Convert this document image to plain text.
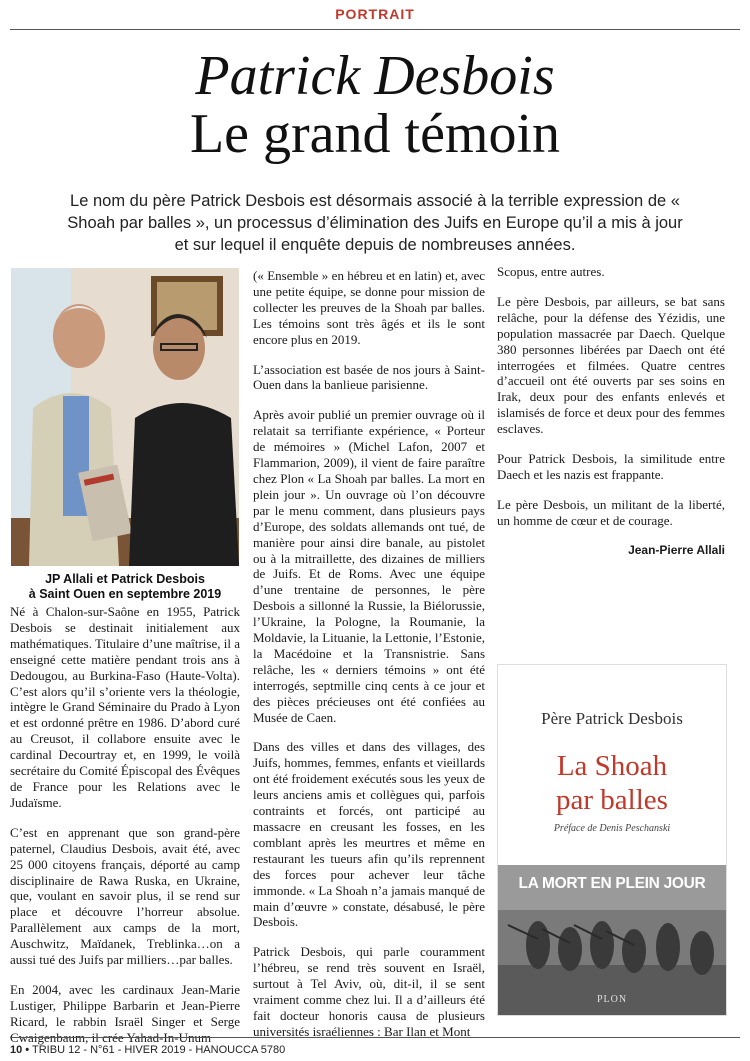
PORTRAIT
Patrick Desbois
Le grand témoin
Le nom du père Patrick Desbois est désormais associé à la terrible expression de « Shoah par balles », un processus d’élimination des Juifs en Europe qu’il a mis à jour et sur lequel il enquête depuis de nombreuses années.
JP Allali et Patrick Desbois
à Saint Ouen en septembre 2019

Né à Chalon-sur-Saône en 1955, Patrick Desbois se destinait initialement aux mathématiques. Titulaire d’une maîtrise, il a enseigné cette matière pendant trois ans à Dedougou, au Burkina-Faso (Haute-Volta). C’est alors qu’il s’oriente vers la théologie, intègre le Grand Séminaire du Prado à Lyon et est ordonné prêtre en 1986. D’abord curé au Creusot, il collabore ensuite avec le cardinal Decourtray et, en 1999, le voilà secrétaire du Comité Épiscopal des Évêques de France pour les Relations avec le Judaïsme.

C’est en apprenant que son grand-père paternel, Claudius Desbois, avait été, avec 25 000 citoyens français, déporté au camp disciplinaire de Rawa Ruska, en Ukraine, que, voulant en savoir plus, il se rend sur place et découvre l’horreur absolue. Parallèlement aux camps de la mort, Auschwitz, Maïdanek, Treblinka…on a aussi tué des Juifs par milliers…par balles.

En 2004, avec les cardinaux Jean-Marie Lustiger, Philippe Barbarin et Jean-Pierre Ricard, le rabbin Israël Singer et Serge Cwaigenbaum, il crée Yahad-In-Unum

(« Ensemble » en hébreu et en latin) et, avec une petite équipe, se donne pour mission de collecter les preuves de la Shoah par balles. Les témoins sont très âgés et ils le sont encore plus en 2019.

L’association est basée de nos jours à Saint-Ouen dans la banlieue parisienne.

Après avoir publié un premier ouvrage où il relatait sa terrifiante expérience, « Porteur de mémoires » (Michel Lafon, 2007 et Flammarion, 2009), il vient de faire paraître chez Plon « La Shoah par balles. La mort en plein jour ». Un ouvrage où l’on découvre par le menu comment, dans plusieurs pays d’Europe, des soldats allemands ont tué, de manière pour ainsi dire banale, au pistolet ou à la mitraillette, des dizaines de milliers de Juifs. Et de Roms. Avec une équipe d’une trentaine de personnes, le père Desbois a sillonné la Russie, la Biélorussie, l’Ukraine, la Pologne, la Roumanie, la Moldavie, la Lituanie, la Lettonie, l’Estonie, la Macédoine et la Transnistrie. Sans relâche, les « derniers témoins » ont été interrogés, septmille cinq cents à ce jour et des pièces précieuses ont été confiées au Musée de Caen.

Dans des villes et dans des villages, des Juifs, hommes, femmes, enfants et vieillards ont été froidement exécutés sous les yeux de leurs anciens amis et collègues qui, parfois contraints et forcés, ont participé au massacre en creusant les fosses, en les comblant après les meurtres et même en restaurant les tueurs afin qu’ils reprennent des forces pour achever leur tâche immonde. « La Shoah n’a jamais manqué de main d’œuvre » constate, désabusé, le père Desbois.

Patrick Desbois, qui parle couramment l’hébreu, se rend très souvent en Israël, surtout à Tel Aviv, où, dit-il, il se sent vraiment comme chez lui. Il a d’ailleurs été fait docteur honoris causa de plusieurs universités israéliennes : Bar Ilan et Mont

Scopus, entre autres.

Le père Desbois, par ailleurs, se bat sans relâche, pour la défense des Yézidis, une population massacrée par Daech. Quelque 380 personnes libérées par Daech ont été interrogées et filmées. Quatre centres d’accueil ont été ouverts par ses soins en Irak, deux pour des enfants enlevés et islamisés de force et deux pour des femmes esclaves.

Pour Patrick Desbois, la similitude entre Daech et les nazis est frappante.

Le père Desbois, un militant de la liberté, un homme de cœur et de courage.

Jean-Pierre Allali
Père Patrick Desbois
La Shoah
par balles
Préface de Denis Peschanski
LA MORT EN PLEIN JOUR
PLON
10 • TRIBU 12 - N°61 - HIVER 2019 - HANOUCCA 5780
